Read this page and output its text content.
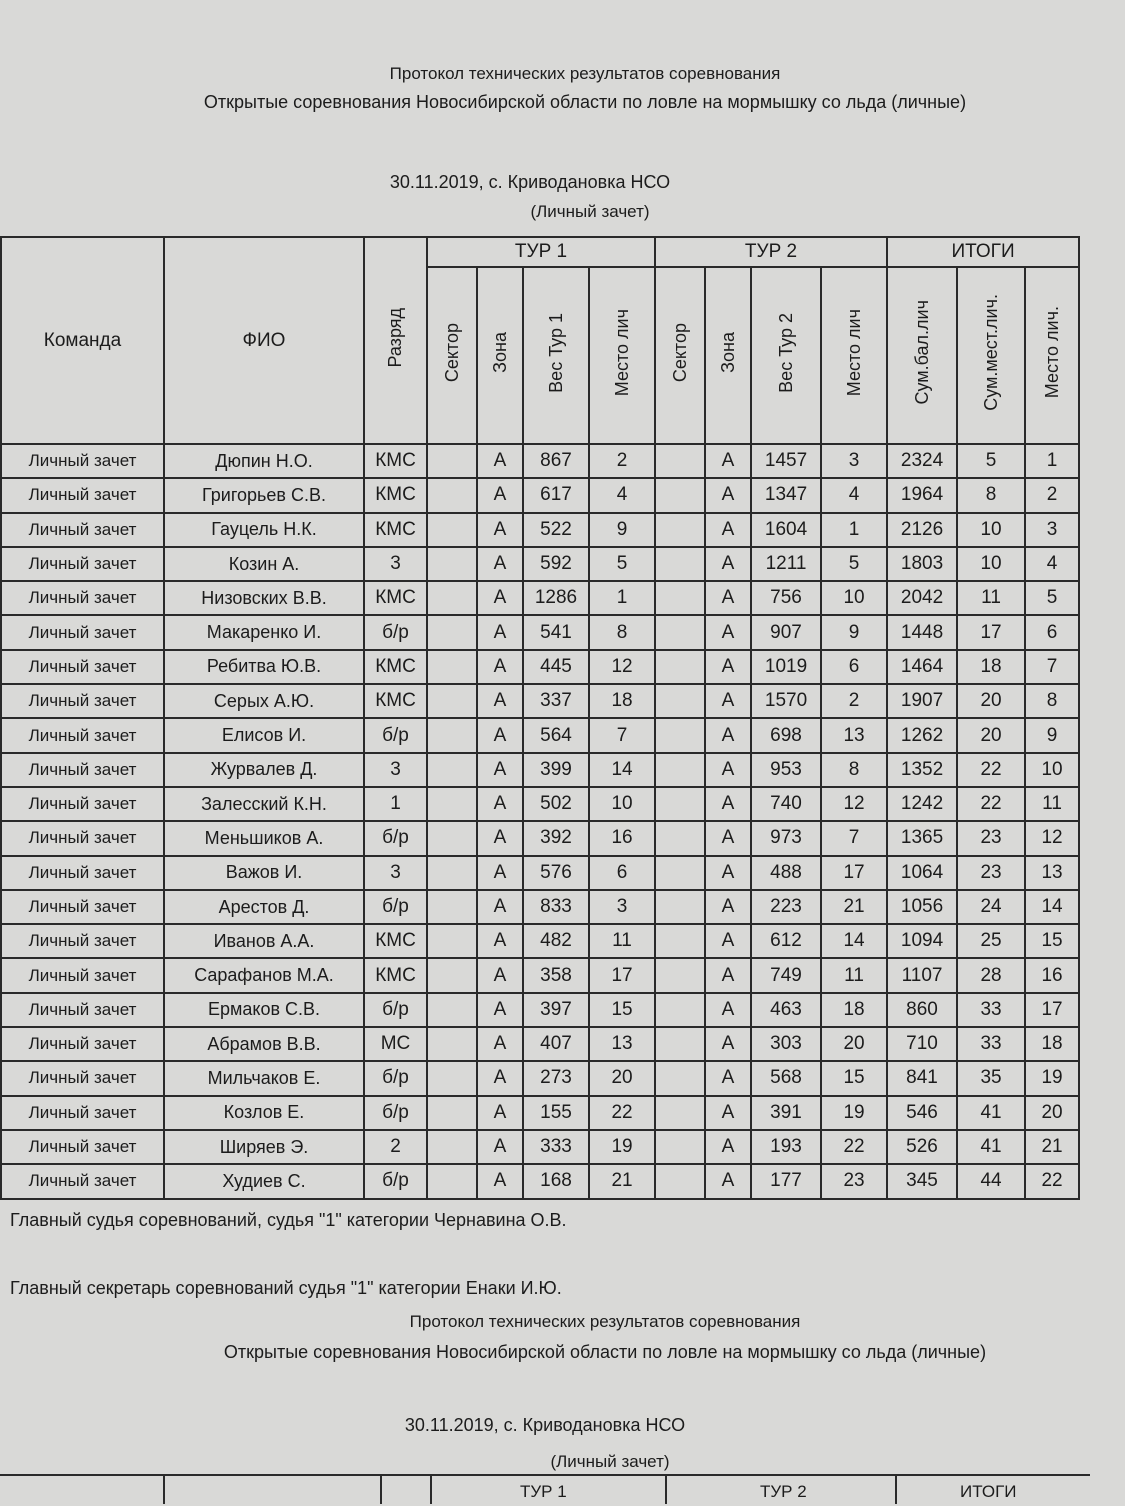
Протокол технических результатов соревнования
Открытые соревнования Новосибирской области по ловле на мормышку со льда (личные)
30.11.2019, с. Криводановка НСО
(Личный зачет)
Команда	ФИО	Разряд	ТУР 1				ТУР 2				ИТОГИ		
			Сектор	Зона	Вес Тур 1	Место лич	Сектор	Зона	Вес Тур 2	Место лич	Сум.бал.лич	Сум.мест.лич.	Место лич.
Личный зачет	Дюпин Н.О.	КМС		А	867	2		А	1457	3	2324	5	1
Личный зачет	Григорьев С.В.	КМС		А	617	4		А	1347	4	1964	8	2
Личный зачет	Гауцель Н.К.	КМС		А	522	9		А	1604	1	2126	10	3
Личный зачет	Козин А.	3		А	592	5		А	1211	5	1803	10	4
Личный зачет	Низовских В.В.	КМС		А	1286	1		А	756	10	2042	11	5
Личный зачет	Макаренко И.	б/р		А	541	8		А	907	9	1448	17	6
Личный зачет	Ребитва Ю.В.	КМС		А	445	12		А	1019	6	1464	18	7
Личный зачет	Серых А.Ю.	КМС		А	337	18		А	1570	2	1907	20	8
Личный зачет	Елисов И.	б/р		А	564	7		А	698	13	1262	20	9
Личный зачет	Журвалев Д.	3		А	399	14		А	953	8	1352	22	10
Личный зачет	Залесский К.Н.	1		А	502	10		А	740	12	1242	22	11
Личный зачет	Меньшиков А.	б/р		А	392	16		А	973	7	1365	23	12
Личный зачет	Важов И.	3		А	576	6		А	488	17	1064	23	13
Личный зачет	Арестов Д.	б/р		А	833	3		А	223	21	1056	24	14
Личный зачет	Иванов А.А.	КМС		А	482	11		А	612	14	1094	25	15
Личный зачет	Сарафанов М.А.	КМС		А	358	17		А	749	11	1107	28	16
Личный зачет	Ермаков С.В.	б/р		А	397	15		А	463	18	860	33	17
Личный зачет	Абрамов В.В.	МС		А	407	13		А	303	20	710	33	18
Личный зачет	Мильчаков Е.	б/р		А	273	20		А	568	15	841	35	19
Личный зачет	Козлов Е.	б/р		А	155	22		А	391	19	546	41	20
Личный зачет	Ширяев Э.	2		А	333	19		А	193	22	526	41	21
Личный зачет	Худиев С.	б/р		А	168	21		А	177	23	345	44	22
Главный судья соревнований, судья "1" категории Чернавина О.В.
Главный секретарь соревнований судья "1" категории Енаки И.Ю.
Протокол технических результатов соревнования
Открытые соревнования Новосибирской области по ловле на мормышку со льда (личные)
30.11.2019, с. Криводановка НСО
(Личный зачет)
ТУР 1	ТУР 2	ИТОГИ
